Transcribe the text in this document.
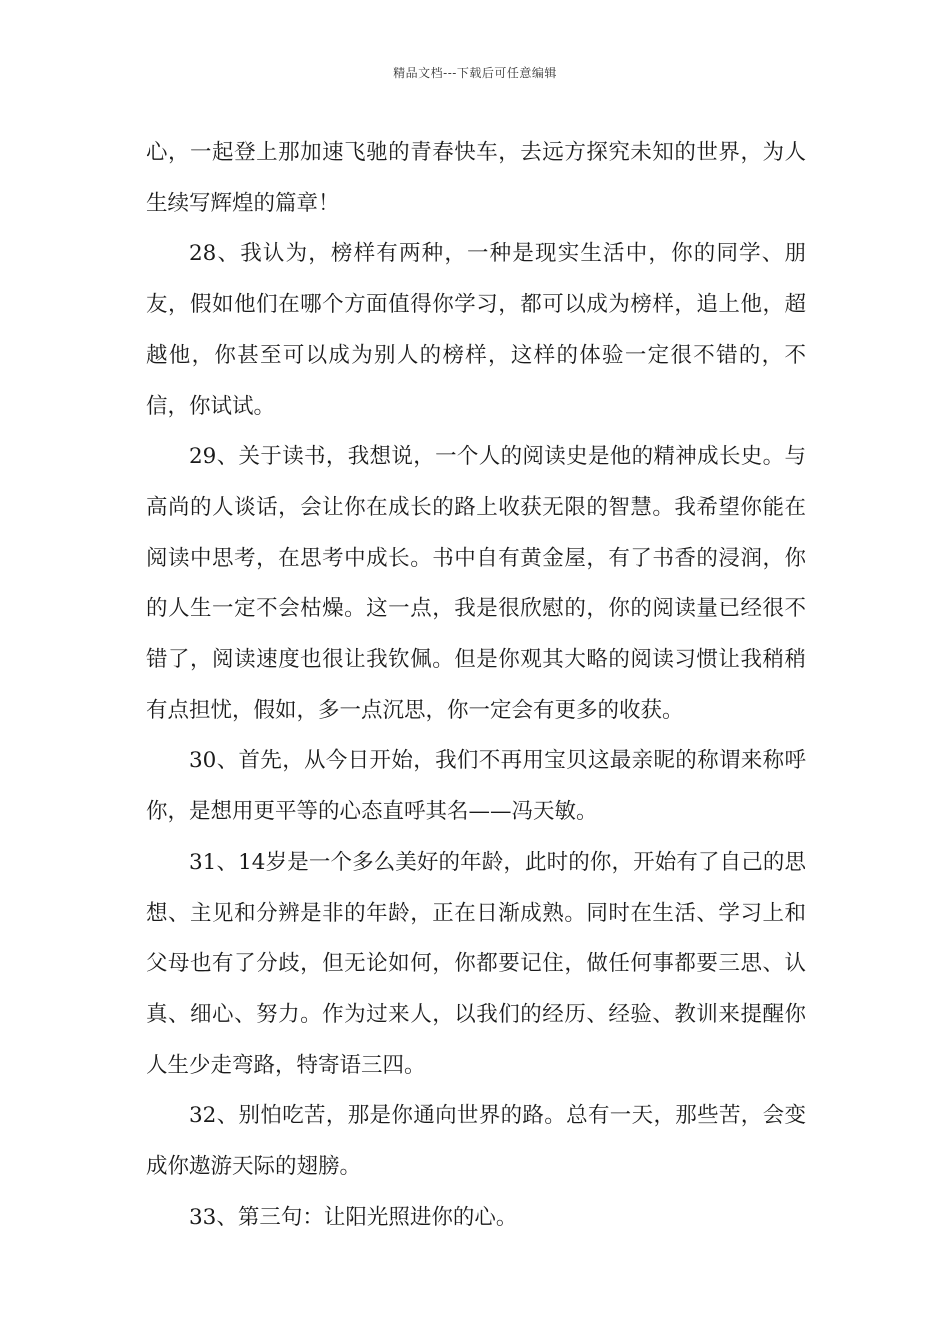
精品文档---下载后可任意编辑

心，一起登上那加速飞驰的青春快车，去远方探究未知的世界，为人生续写辉煌的篇章！

28、我认为，榜样有两种，一种是现实生活中，你的同学、朋友，假如他们在哪个方面值得你学习，都可以成为榜样，追上他，超越他，你甚至可以成为别人的榜样，这样的体验一定很不错的，不信，你试试。

29、关于读书，我想说，一个人的阅读史是他的精神成长史。与高尚的人谈话，会让你在成长的路上收获无限的智慧。我希望你能在阅读中思考，在思考中成长。书中自有黄金屋，有了书香的浸润，你的人生一定不会枯燥。这一点，我是很欣慰的，你的阅读量已经很不错了，阅读速度也很让我钦佩。但是你观其大略的阅读习惯让我稍稍有点担忧，假如，多一点沉思，你一定会有更多的收获。

30、首先，从今日开始，我们不再用宝贝这最亲昵的称谓来称呼你，是想用更平等的心态直呼其名——冯天敏。

31、14岁是一个多么美好的年龄，此时的你，开始有了自己的思想、主见和分辨是非的年龄，正在日渐成熟。同时在生活、学习上和父母也有了分歧，但无论如何，你都要记住，做任何事都要三思、认真、细心、努力。作为过来人，以我们的经历、经验、教训来提醒你人生少走弯路，特寄语三四。

32、别怕吃苦，那是你通向世界的路。总有一天，那些苦，会变成你遨游天际的翅膀。

33、第三句：让阳光照进你的心。
